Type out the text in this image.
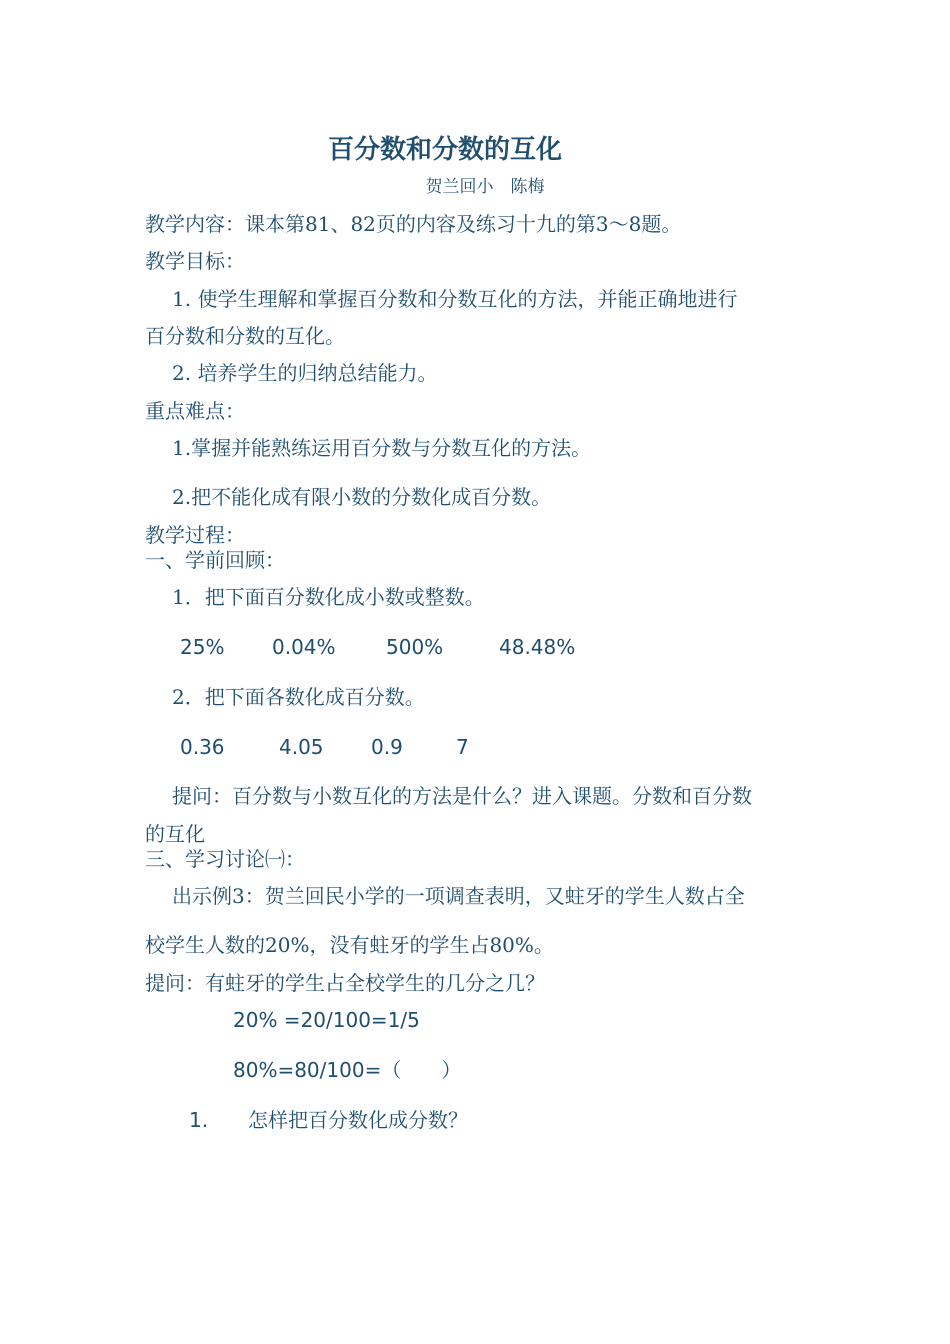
百分数和分数的互化
贺兰回小　陈梅
教学内容：课本第81、82页的内容及练习十九的第3～8题。
教学目标：
1. 使学生理解和掌握百分数和分数互化的方法，并能正确地进行
百分数和分数的互化。
2. 培养学生的归纳总结能力。
重点难点：
1.掌握并能熟练运用百分数与分数互化的方法。
2.把不能化成有限小数的分数化成百分数。
教学过程：
一、学前回顾：
1．把下面百分数化成小数或整数。
25% 0.04%	500%	48.48%
2．把下面各数化成百分数。
0.36	4.05 0.9	7
提问：百分数与小数互化的方法是什么？进入课题。分数和百分数
的互化
三、学习讨论㈠：
出示例3：贺兰回民小学的一项调查表明，又蛀牙的学生人数占全
校学生人数的20%，没有蛀牙的学生占80%。
提问：有蛀牙的学生占全校学生的几分之几？
20% =20/100=1/5
80%=80/100=（　　）
1. 怎样把百分数化成分数？
